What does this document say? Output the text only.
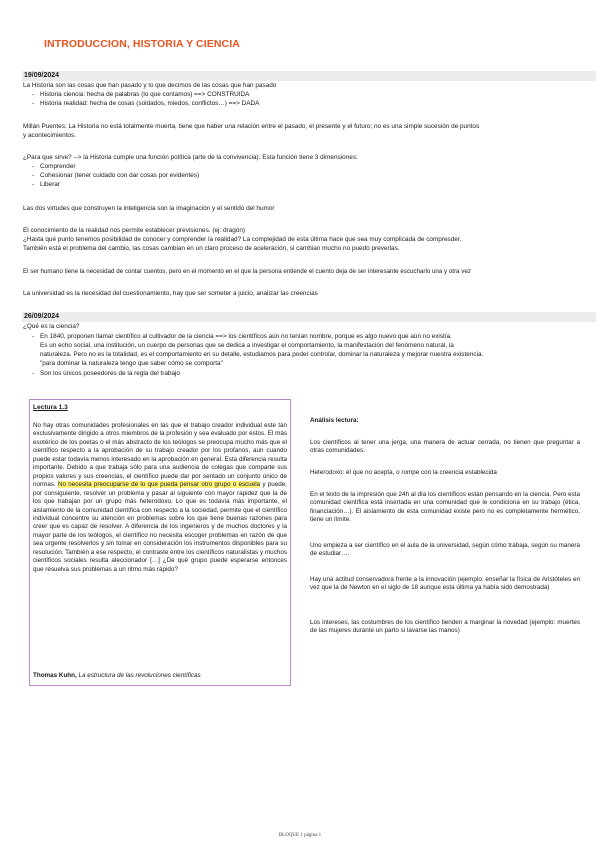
INTRODUCCION, HISTORIA Y CIENCIA
19/09/2024
La Historia son las cosas que han pasado y lo que decimos de las cosas que han pasado
- Historia ciencia: hecha de palabras (lo que contamos) ==> CONSTRUIDA
- Historia realidad: hecha de cosas (soldados, miedos, conflictos…) ==> DADA
Millán Puentes: La Historia no está totalmente muerta, tiene que haber una relación entre el pasado, el presente y el futuro; no es una simple sucesión de puntos
y acontecimientos.
¿Para que sirve? --> la Historia cumple una función política (arte de la convivencia). Esta función tiene 3 dimensiones:
- Comprender
- Cohesionar (tener cuidado con dar cosas por evidentes)
- Liberar
Las dos virtudes que construyen la inteligencia son la imaginación y el sentido del humor
El conocimiento de la realidad nos permite establecer previsiones. (ej: dragón)
¿Hasta qué punto tenemos posibilidad de conocer y comprender la realidad? La complejidad de esta última hace que sea muy complicada de compresder.
También está el problema del cambio, las cosas cambian en un claro proceso de aceleración, si cambian mucho no puedo preverlas.
El ser humano tiene la necesidad de contar cuentos, pero en el momento en el que la persona entiende el cuento deja de ser interesante escucharlo una y otra vez
La universidad es la necesidad del cuestionamiento, hay que ser someter a juicio, analizar las creencias
26/09/2024
¿Qué es la ciencia?
- En 1840, proponen llamar científico al cultivador de la ciencia ==> los científicos aún no tenían nombre, porque es algo nuevo que aún no existía.
Es un echo social, una institución, un cuerpo de personas que se dedica a investigar el comportamiento, la manifestación del fenómeno natural, la
naturaleza. Pero no es la totalidad, es el comportamiento en su detalle, estudiamos para poder controlar, dominar la naturaleza y mejorar nuestra existencia.
"para dominar la naturaleza tengo que saber cómo se comporta"
- Son los únicos poseedores de la regla del trabajo
Lectura 1.3
No hay otras comunidades profesionales en las que el trabajo creador individual este tan exclusivamente dirigido a otros miembros de la profesión y sea evaluado por éstos. El más esotérico de los poetas o el más abstracto de los teólogos se preocupa mucho más que el científico respecto a la aprobación de su trabajo creador por los profanos, aun cuando puede estar todavía menos interesado en la aprobación en general. Esta diferencia resulta importante. Debido a que trabaja sólo para una audiencia de colegas que comparte sus propios valores y sus creencias, el científico puede dar por sentado un conjunto único de normas. No necesita preocuparse de lo que pueda pensar otro grupo o escuela y puede, por consiguiente, resolver un problema y pasar al siguiente con mayor rapidez que la de los que trabajan por un grupo más heterodoxo. Lo que es todavía más importante, el aislamiento de la comunidad científica con respecto a la sociedad, permite que el científico individual concentre su atención en problemas sobre los que tiene buenas razones para creer que es capaz de resolver. A diferencia de los ingenieros y de muchos doctores y la mayor parte de los teólogos, el científico no necesita escoger problemas en razón de que sea urgente resolverlos y sin tomar en consideración los instrumentos disponibles para su resolución. También a ese respecto, el contraste entre los científicos naturalistas y muchos científicos sociales resulta aleccionador […] ¿De qué grupo puede esperarse entonces que resuelva sus problemas a un ritmo más rápido?
Thomas Kuhn, La estructura de las revoluciones científicas
Análisis lectura:
Los científicos al tener una jerga, una manera de actuar cerrada, no tienen que preguntar a otras comunidades.
Heterodoxo: él que no acepta, o rompe con la creencia establecida
En el texto de la impresión que 24h al día los científicos están pensando en la ciencia. Pero esta comunidad científica está insertada en una comunidad que le condiciona en su trabajo (ética, financiación…). El aislamiento de esta comunidad existe pero no es completamente hermético, tiene un límite.
Uno empieza a ser científico en el aula de la universidad, según cómo trabaja, según su manera de estudiar….
Hay una actitud conservadora frente a la innovación (ejemplo: enseñar la física de Aristóteles en vez que la de Newton en el siglo de 18 aunque esta última ya había sido demostrada)
Los intereses, las costumbres de los científico tienden a marginar la novedad (ejemplo: muertes de las mujeres durante un parto si lavarse las manos)
BLOQUE 1 página 1
